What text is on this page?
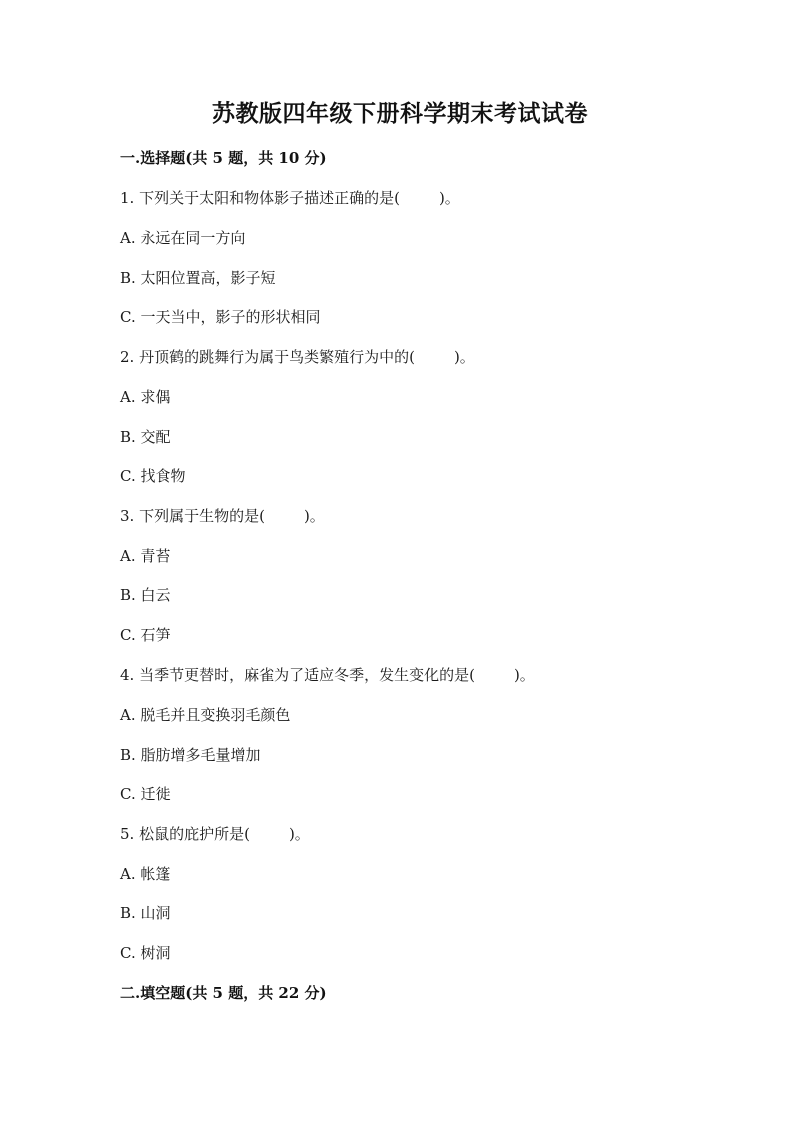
苏教版四年级下册科学期末考试试卷
一.选择题(共 5 题，共 10 分)
1. 下列关于太阳和物体影子描述正确的是(	)。
A. 永远在同一方向
B. 太阳位置高，影子短
C. 一天当中，影子的形状相同
2. 丹顶鹤的跳舞行为属于鸟类繁殖行为中的(	)。
A. 求偶
B. 交配
C. 找食物
3. 下列属于生物的是(	)。
A. 青苔
B. 白云
C. 石笋
4. 当季节更替时，麻雀为了适应冬季，发生变化的是(	)。
A. 脱毛并且变换羽毛颜色
B. 脂肪增多毛量增加
C. 迁徙
5. 松鼠的庇护所是(	)。
A. 帐篷
B. 山洞
C. 树洞
二.填空题(共 5 题，共 22 分)
